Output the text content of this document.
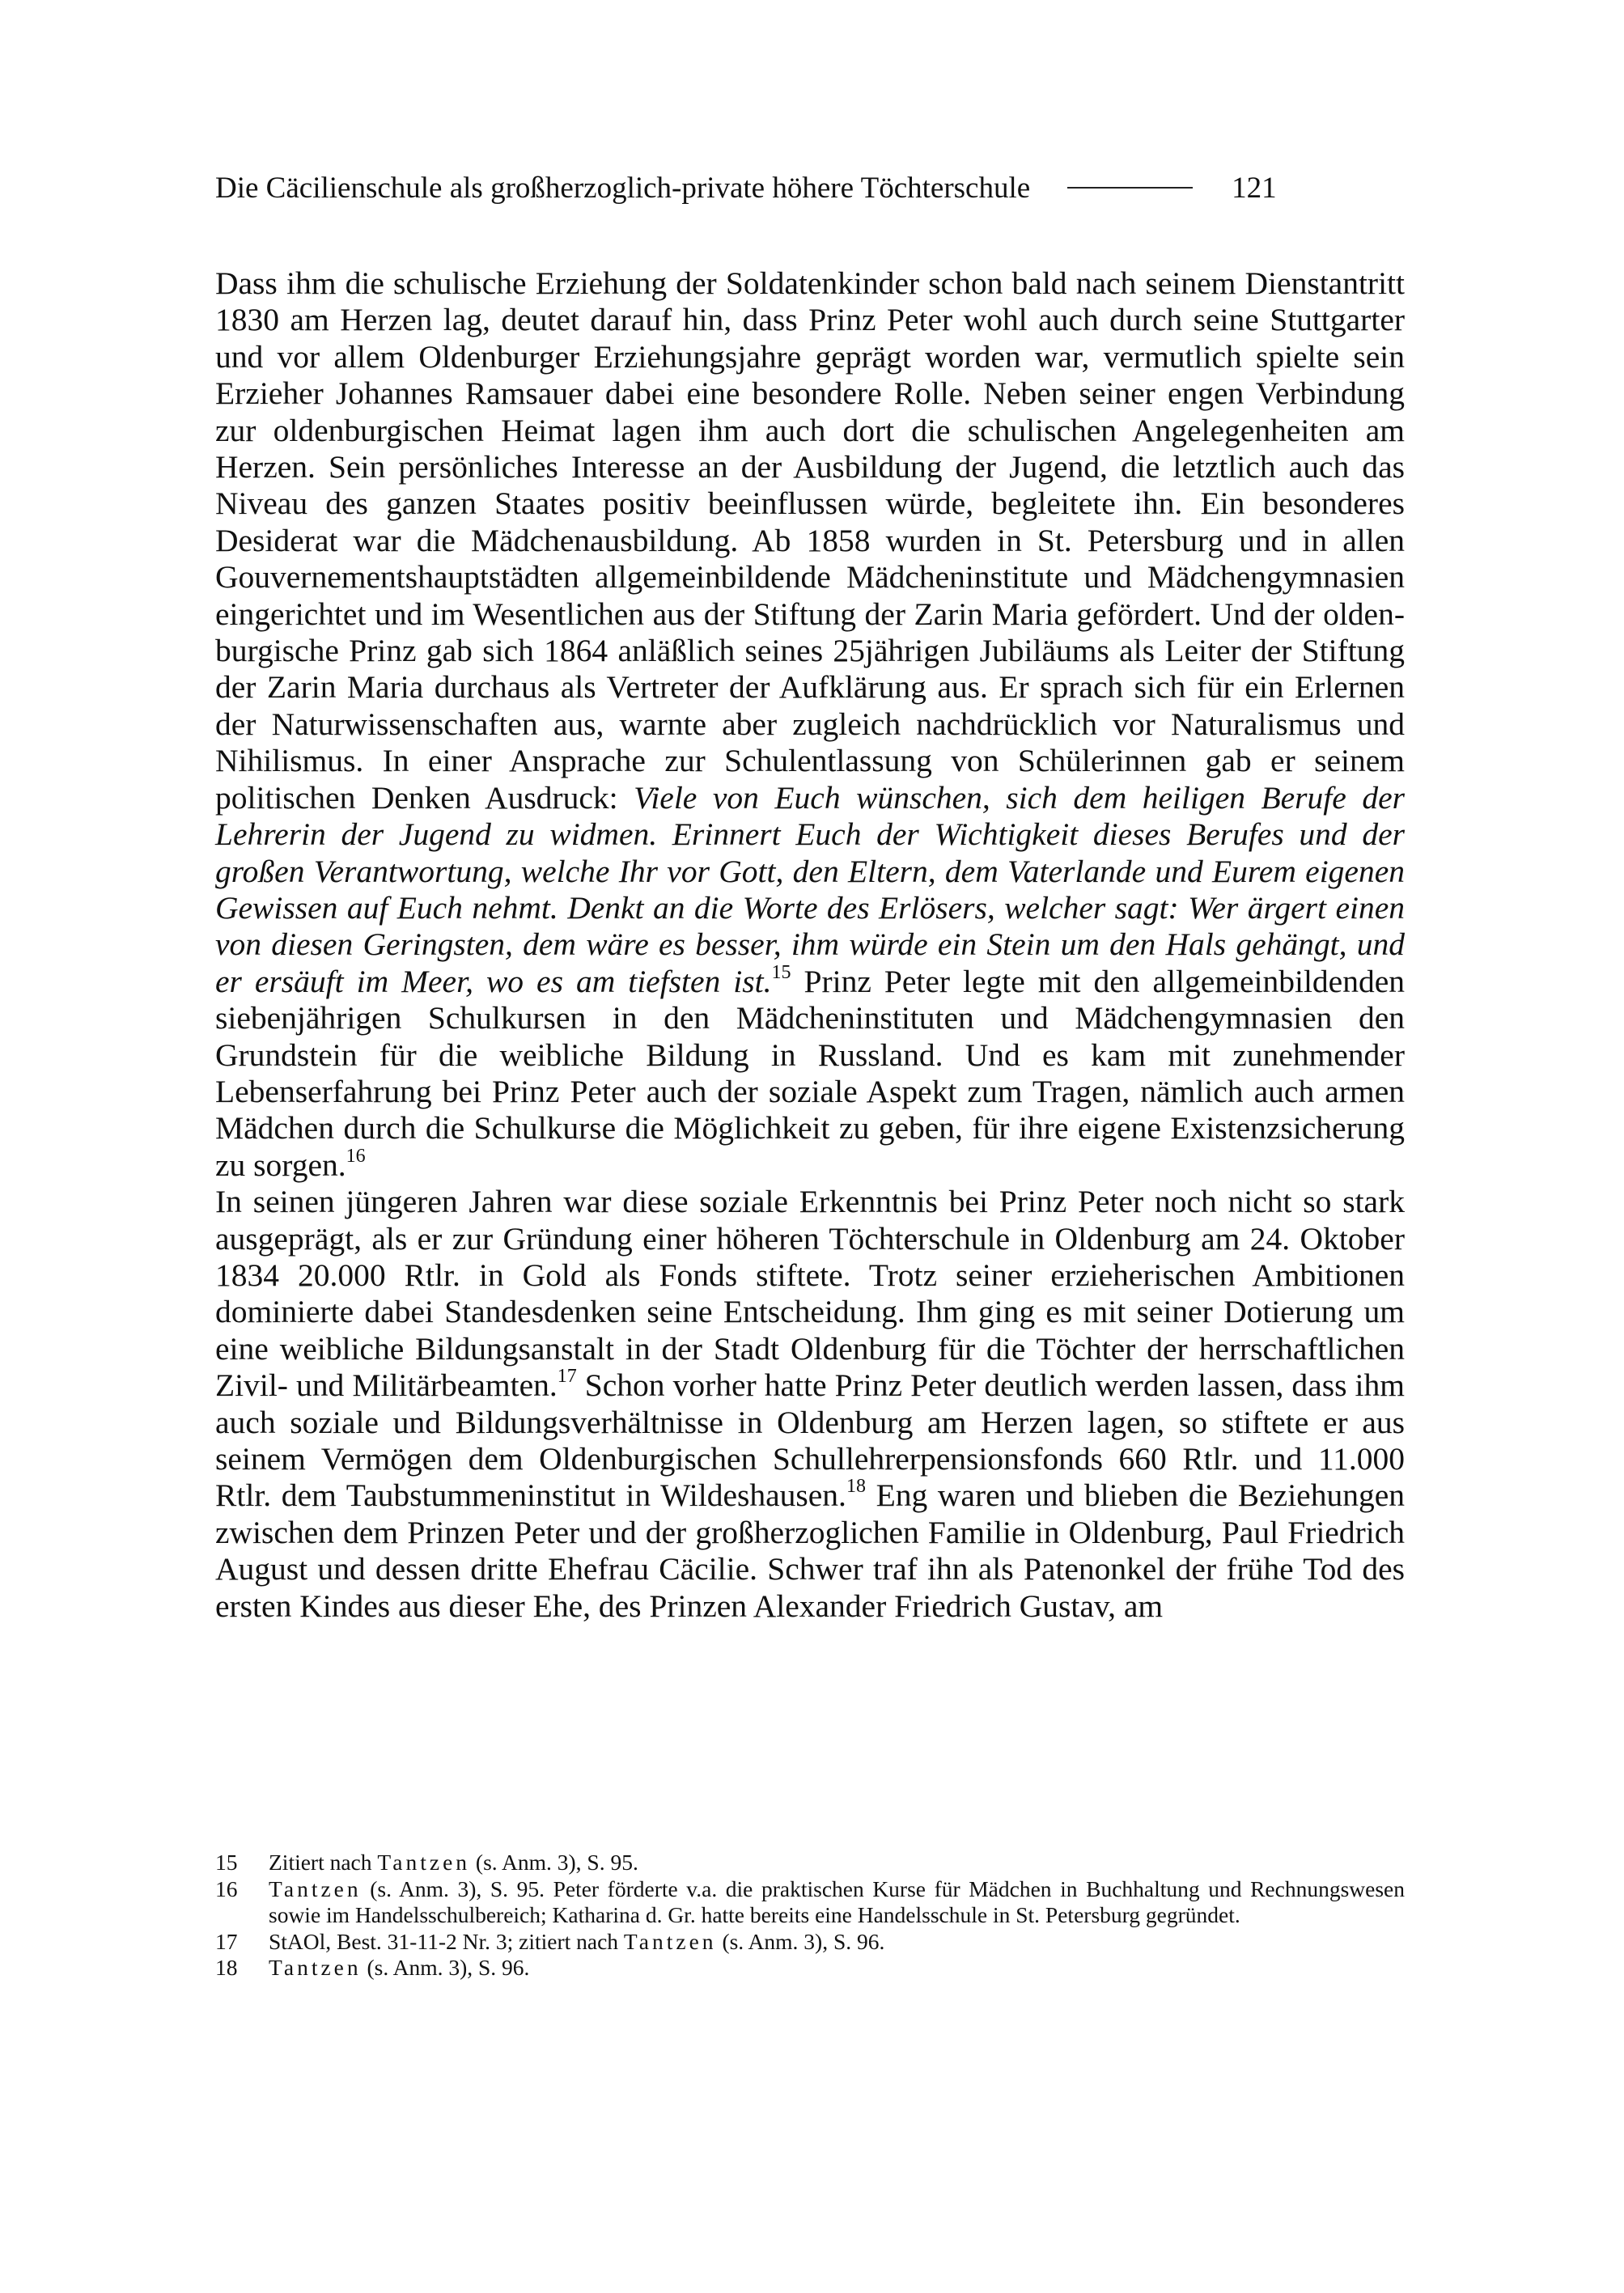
Die Cäcilienschule als großherzoglich-private höhere Töchterschule	121

Dass ihm die schulische Erziehung der Soldatenkinder schon bald nach seinem Dienstantritt 1830 am Herzen lag, deutet darauf hin, dass Prinz Peter wohl auch durch seine Stuttgarter und vor allem Oldenburger Erziehungsjahre geprägt worden war, vermutlich spielte sein Erzieher Johannes Ramsauer dabei eine besondere Rolle. Neben seiner engen Verbindung zur oldenburgischen Heimat lagen ihm auch dort die schulischen Angelegenheiten am Herzen. Sein persönliches Interesse an der Ausbildung der Jugend, die letztlich auch das Niveau des ganzen Staates positiv beeinflussen würde, begleitete ihn. Ein besonderes Desiderat war die Mädchenausbildung. Ab 1858 wurden in St. Petersburg und in allen Gouvernementshauptstädten allgemeinbildende Mädcheninstitute und Mädchengymnasien eingerichtet und im Wesentlichen aus der Stiftung der Zarin Maria gefördert. Und der oldenburgische Prinz gab sich 1864 anläßlich seines 25jährigen Jubiläums als Leiter der Stiftung der Zarin Maria durchaus als Vertreter der Aufklärung aus. Er sprach sich für ein Erlernen der Naturwissenschaften aus, warnte aber zugleich nachdrücklich vor Naturalismus und Nihilismus. In einer Ansprache zur Schulentlassung von Schülerinnen gab er seinem politischen Denken Ausdruck: Viele von Euch wünschen, sich dem heiligen Berufe der Lehrerin der Jugend zu widmen. Erinnert Euch der Wichtigkeit dieses Berufes und der großen Verantwortung, welche Ihr vor Gott, den Eltern, dem Vaterlande und Eurem eigenen Gewissen auf Euch nehmt. Denkt an die Worte des Erlösers, welcher sagt: Wer ärgert einen von diesen Geringsten, dem wäre es besser, ihm würde ein Stein um den Hals gehängt, und er ersäuft im Meer, wo es am tiefsten ist.$^{15}$ Prinz Peter legte mit den allgemeinbildenden siebenjährigen Schulkursen in den Mädcheninstituten und Mädchengymnasien den Grundstein für die weibliche Bildung in Russland. Und es kam mit zunehmender Lebenserfahrung bei Prinz Peter auch der soziale Aspekt zum Tragen, nämlich auch armen Mädchen durch die Schulkurse die Möglichkeit zu geben, für ihre eigene Existenzsicherung zu sorgen.$^{16}$

In seinen jüngeren Jahren war diese soziale Erkenntnis bei Prinz Peter noch nicht so stark ausgeprägt, als er zur Gründung einer höheren Töchterschule in Oldenburg am 24. Oktober 1834 20.000 Rtlr. in Gold als Fonds stiftete. Trotz seiner erzieherischen Ambitionen dominierte dabei Standesdenken seine Entscheidung. Ihm ging es mit seiner Dotierung um eine weibliche Bildungsanstalt in der Stadt Oldenburg für die Töchter der herrschaftlichen Zivil- und Militärbeamten.$^{17}$ Schon vorher hatte Prinz Peter deutlich werden lassen, dass ihm auch soziale und Bildungsverhältnisse in Oldenburg am Herzen lagen, so stiftete er aus seinem Vermögen dem Oldenburgischen Schullehrerpensionsfonds 660 Rtlr. und 11.000 Rtlr. dem Taubstummeninstitut in Wildeshausen.$^{18}$ Eng waren und blieben die Beziehungen zwischen dem Prinzen Peter und der großherzoglichen Familie in Oldenburg, Paul Friedrich August und dessen dritte Ehefrau Cäcilie. Schwer traf ihn als Patenonkel der frühe Tod des ersten Kindes aus dieser Ehe, des Prinzen Alexander Friedrich Gustav, am

15	Zitiert nach Tantzen (s. Anm. 3), S. 95.
16	Tantzen (s. Anm. 3), S. 95. Peter förderte v.a. die praktischen Kurse für Mädchen in Buchhaltung und Rechnungswesen sowie im Handelsschulbereich; Katharina d. Gr. hatte bereits eine Handelsschule in St. Petersburg gegründet.
17	StAOl, Best. 31-11-2 Nr. 3; zitiert nach Tantzen (s. Anm. 3), S. 96.
18	Tantzen (s. Anm. 3), S. 96.
